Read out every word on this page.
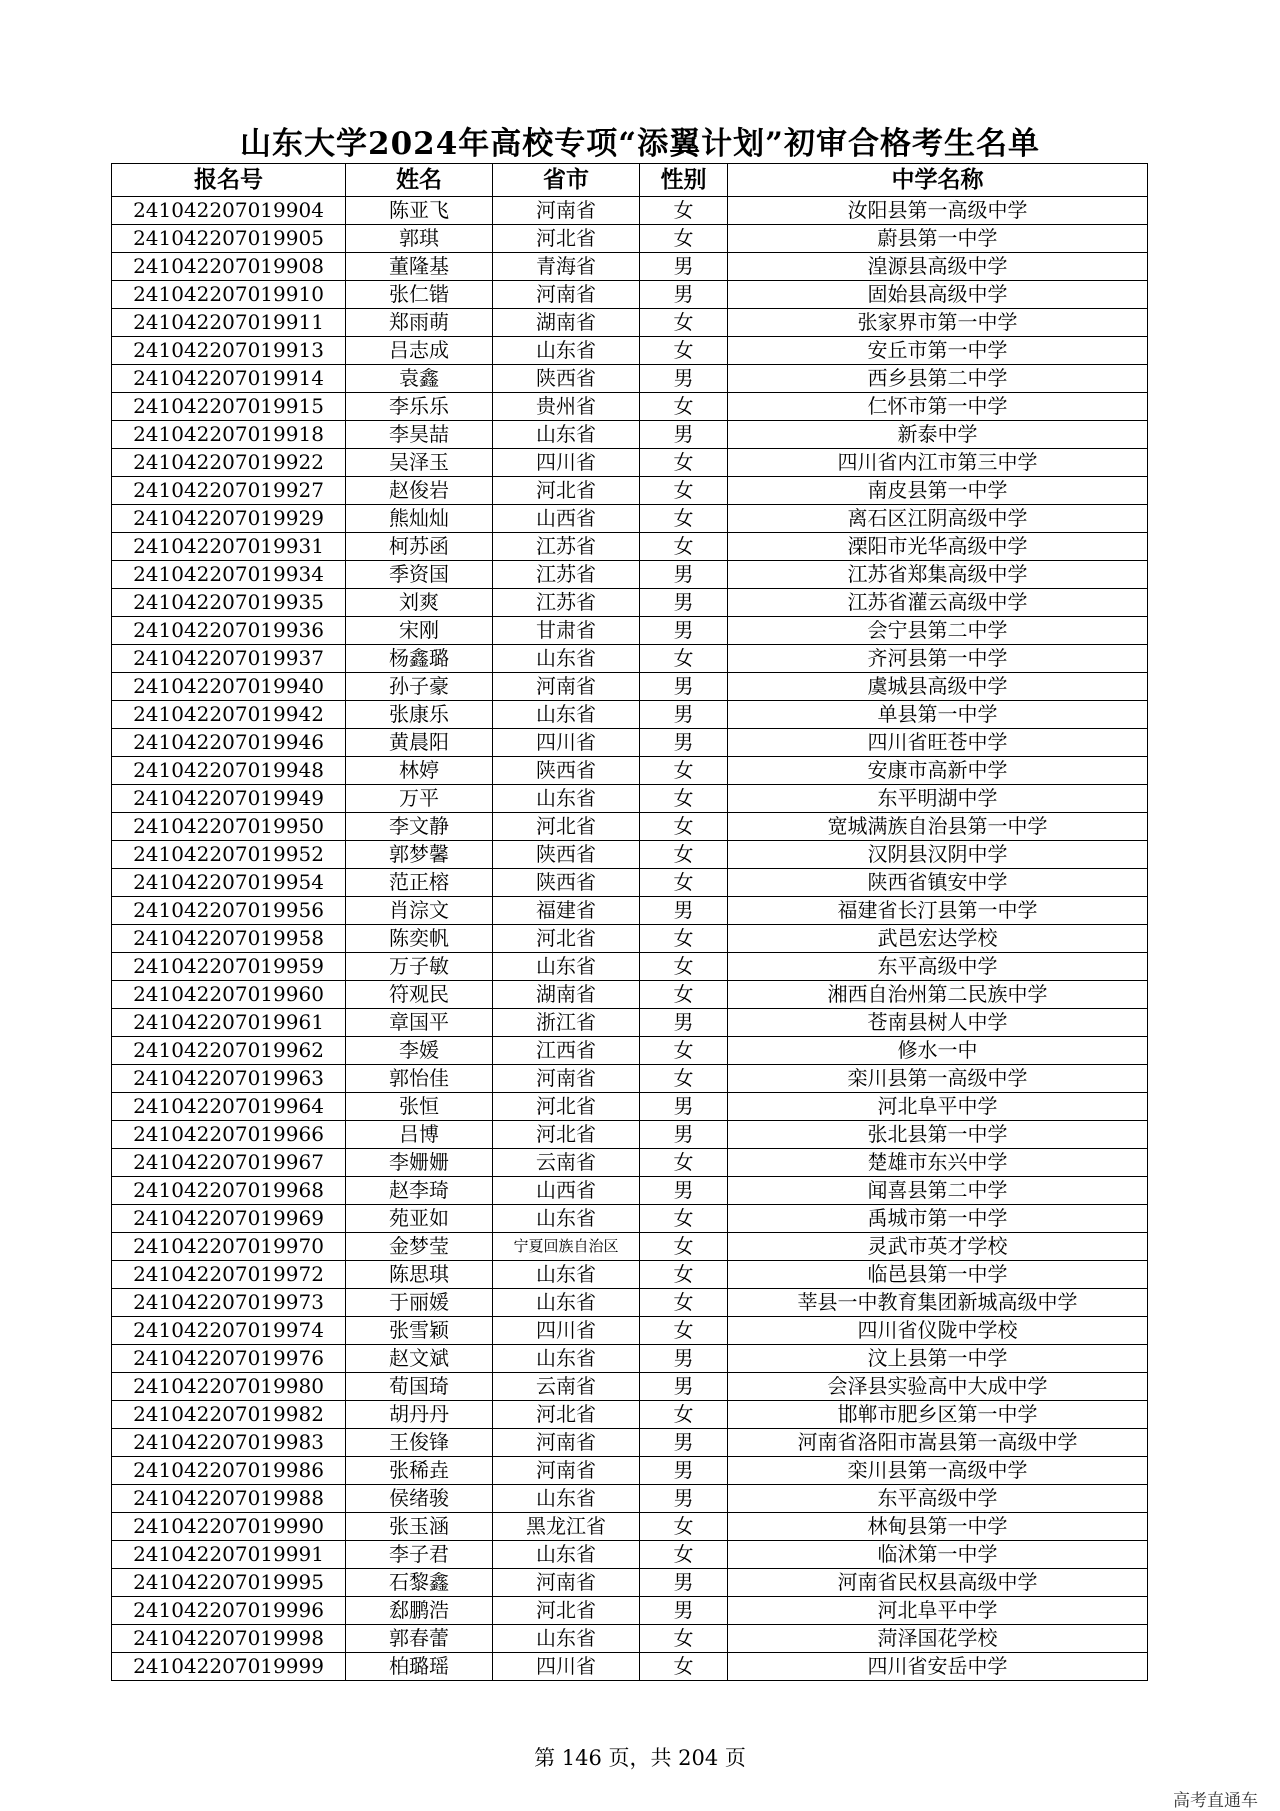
山东大学2024年高校专项“添翼计划”初审合格考生名单
报名号	姓名	省市	性别	中学名称
241042207019904	陈亚飞	河南省	女	汝阳县第一高级中学
241042207019905	郭琪	河北省	女	蔚县第一中学
241042207019908	董隆基	青海省	男	湟源县高级中学
241042207019910	张仁锴	河南省	男	固始县高级中学
241042207019911	郑雨萌	湖南省	女	张家界市第一中学
241042207019913	吕志成	山东省	女	安丘市第一中学
241042207019914	袁鑫	陕西省	男	西乡县第二中学
241042207019915	李乐乐	贵州省	女	仁怀市第一中学
241042207019918	李昊喆	山东省	男	新泰中学
241042207019922	吴泽玉	四川省	女	四川省内江市第三中学
241042207019927	赵俊岩	河北省	女	南皮县第一中学
241042207019929	熊灿灿	山西省	女	离石区江阴高级中学
241042207019931	柯苏函	江苏省	女	溧阳市光华高级中学
241042207019934	季资国	江苏省	男	江苏省郑集高级中学
241042207019935	刘爽	江苏省	男	江苏省灌云高级中学
241042207019936	宋刚	甘肃省	男	会宁县第二中学
241042207019937	杨鑫璐	山东省	女	齐河县第一中学
241042207019940	孙子豪	河南省	男	虞城县高级中学
241042207019942	张康乐	山东省	男	单县第一中学
241042207019946	黄晨阳	四川省	男	四川省旺苍中学
241042207019948	林婷	陕西省	女	安康市高新中学
241042207019949	万平	山东省	女	东平明湖中学
241042207019950	李文静	河北省	女	宽城满族自治县第一中学
241042207019952	郭梦馨	陕西省	女	汉阴县汉阴中学
241042207019954	范正榕	陕西省	女	陕西省镇安中学
241042207019956	肖淙文	福建省	男	福建省长汀县第一中学
241042207019958	陈奕帆	河北省	女	武邑宏达学校
241042207019959	万子敏	山东省	女	东平高级中学
241042207019960	符观民	湖南省	女	湘西自治州第二民族中学
241042207019961	章国平	浙江省	男	苍南县树人中学
241042207019962	李媛	江西省	女	修水一中
241042207019963	郭怡佳	河南省	女	栾川县第一高级中学
241042207019964	张恒	河北省	男	河北阜平中学
241042207019966	吕博	河北省	男	张北县第一中学
241042207019967	李姗姗	云南省	女	楚雄市东兴中学
241042207019968	赵李琦	山西省	男	闻喜县第二中学
241042207019969	苑亚如	山东省	女	禹城市第一中学
241042207019970	金梦莹	宁夏回族自治区	女	灵武市英才学校
241042207019972	陈思琪	山东省	女	临邑县第一中学
241042207019973	于丽媛	山东省	女	莘县一中教育集团新城高级中学
241042207019974	张雪颖	四川省	女	四川省仪陇中学校
241042207019976	赵文斌	山东省	男	汶上县第一中学
241042207019980	荀国琦	云南省	男	会泽县实验高中大成中学
241042207019982	胡丹丹	河北省	女	邯郸市肥乡区第一中学
241042207019983	王俊锋	河南省	男	河南省洛阳市嵩县第一高级中学
241042207019986	张稀垚	河南省	男	栾川县第一高级中学
241042207019988	侯绪骏	山东省	男	东平高级中学
241042207019990	张玉涵	黑龙江省	女	林甸县第一中学
241042207019991	李子君	山东省	女	临沭第一中学
241042207019995	石黎鑫	河南省	男	河南省民权县高级中学
241042207019996	郄鹏浩	河北省	男	河北阜平中学
241042207019998	郭春蕾	山东省	女	菏泽国花学校
241042207019999	柏璐瑶	四川省	女	四川省安岳中学
第 146 页，共 204 页
高考直通车
